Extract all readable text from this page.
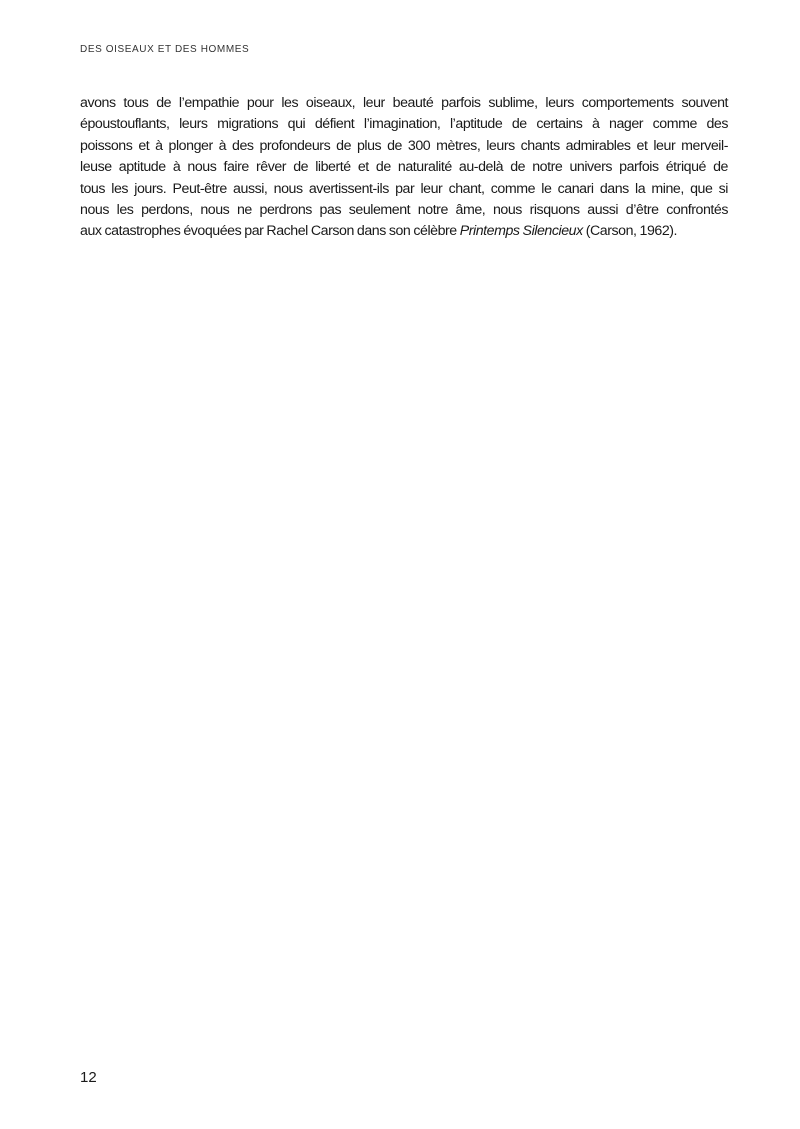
DES OISEAUX ET DES HOMMES
avons tous de l’empathie pour les oiseaux, leur beauté parfois sublime, leurs comportements souvent
époustouflants, leurs migrations qui défient l’imagination, l’aptitude de certains à nager comme des
poissons et à plonger à des profondeurs de plus de 300 mètres, leurs chants admirables et leur merveil-
leuse aptitude à nous faire rêver de liberté et de naturalité au-delà de notre univers parfois étriqué de
tous les jours. Peut-être aussi, nous avertissent-ils par leur chant, comme le canari dans la mine, que si
nous les perdons, nous ne perdrons pas seulement notre âme, nous risquons aussi d’être confrontés
aux catastrophes évoquées par Rachel Carson dans son célèbre Printemps Silencieux (Carson, 1962).
12
